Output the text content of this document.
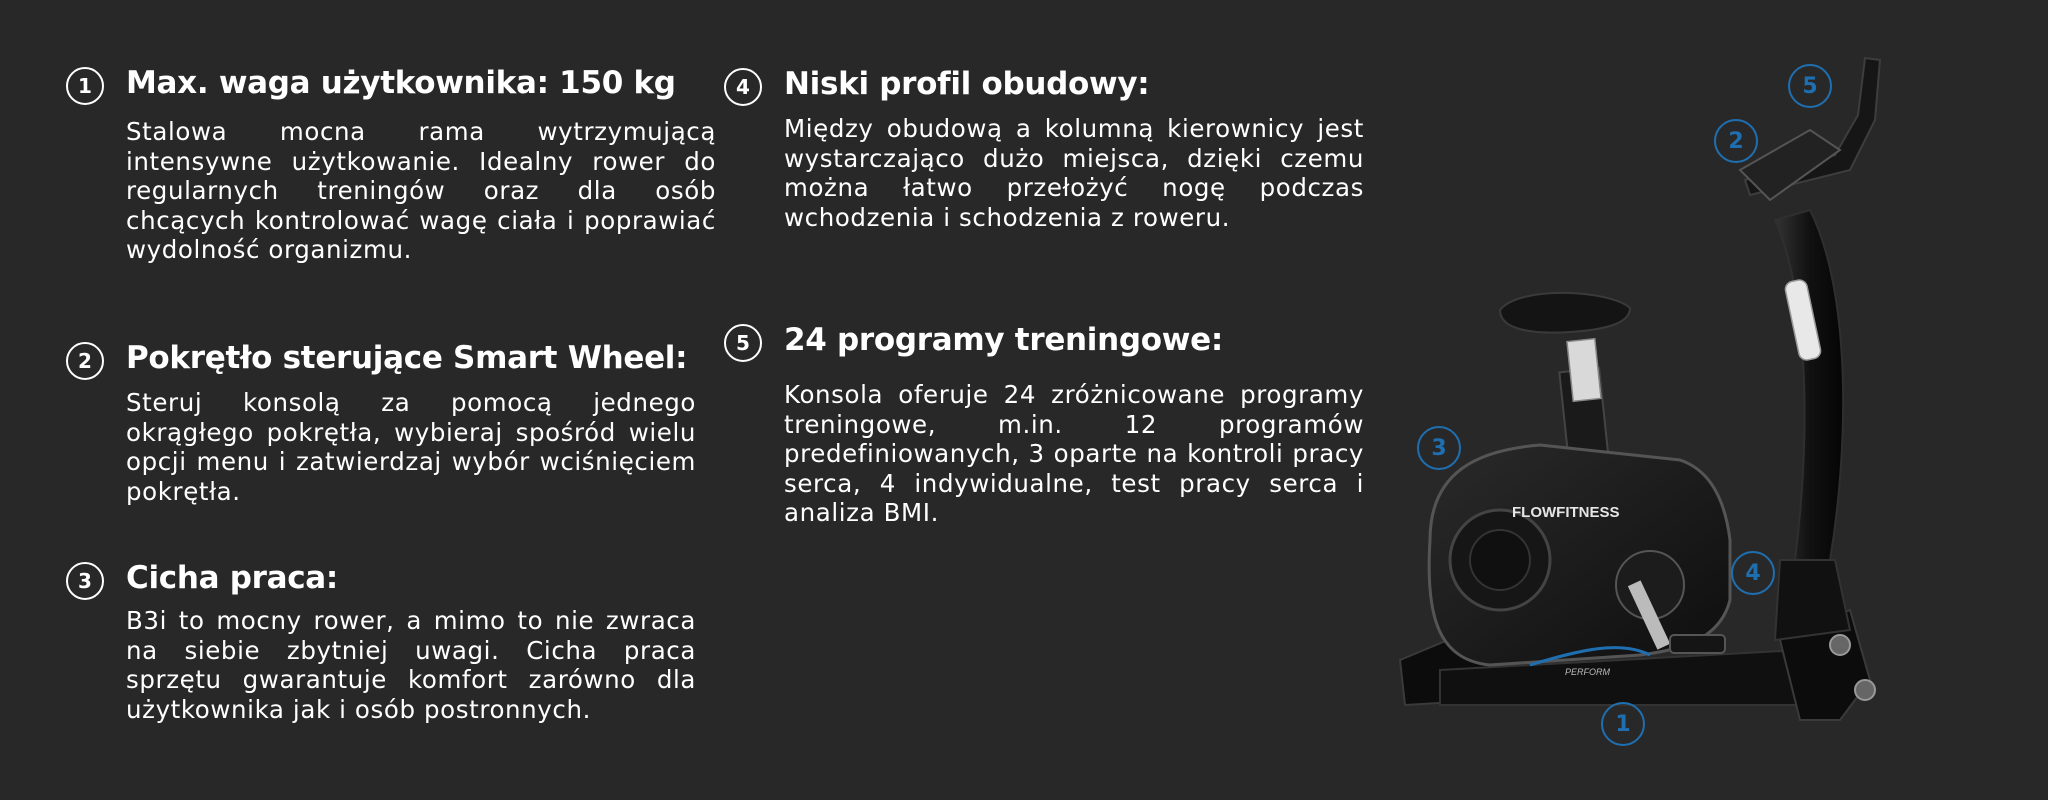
1	Max. waga użytkownika: 150 kg

Stalowa mocna rama wytrzymującą intensywne użytkowanie. Idealny rower do regularnych treningów oraz dla osób chcących kontrolować wagę ciała i poprawiać wydolność organizmu.

2	Pokrętło sterujące Smart Wheel:

Steruj konsolą za pomocą jednego okrągłego pokrętła, wybieraj spośród wielu opcji menu i zatwierdzaj wybór wciśnięciem pokrętła.

3	Cicha praca:

B3i to mocny rower, a mimo to nie zwraca na siebie zbytniej uwagi. Cicha praca sprzętu gwarantuje komfort zarówno dla użytkownika jak i osób postronnych.

4	Niski profil obudowy:

Między obudową a kolumną kierownicy jest wystarczająco dużo miejsca, dzięki czemu można łatwo przełożyć nogę podczas wchodzenia i schodzenia z roweru.

5	24 programy treningowe:

Konsola oferuje 24 zróżnicowane programy treningowe, m.in. 12 programów predefiniowanych, 3 oparte na kontroli pracy serca, 4 indywidualne, test pracy serca i analiza BMI.	FLOWFITNESS
PERFORM
1
2
3
4
5
